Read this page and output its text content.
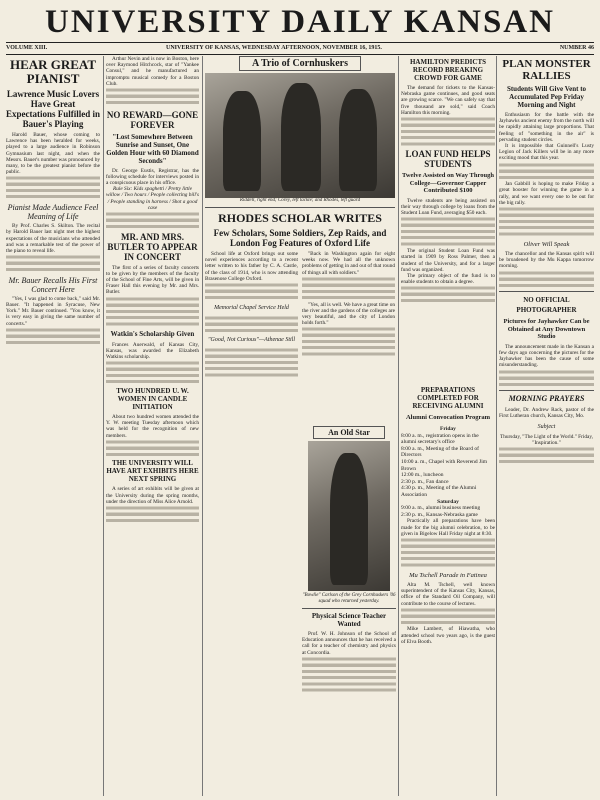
UNIVERSITY DAILY KANSAN
VOLUME XIII.	UNIVERSITY OF KANSAS, WEDNESDAY AFTERNOON, NOVEMBER 16, 1915.	NUMBER 46
HEAR GREAT PIANIST
Lawrence Music Lovers Have Great Expectations Fulfilled in Bauer's Playing
Harold Bauer, whose coming to Lawrence has been heralded for weeks, played to a large audience in Robinson Gymnasium last night, and when the Messrs. Bauer's number was pronounced by many, to be the greatest pianist before the public.
Pianist Made Audience Feel Meaning of Life
By Prof. Charles S. Skilton. The recital by Harold Bauer last night met the highest expectations of the musicians who attended and was a remarkable test of the power of the piano to reveal life.
Mr. Bauer Recalls His First Concert Here
"Yes, I was glad to come back," said Mr. Bauer. "It happened in Syracuse, New York." Mr. Bauer continued. "You know, it is very easy in giving the same number of concerts."
Arthur Nevin and is now in Boston, here over Raymond Hitchcock, star of "Yankee Consul," and he manufactured an impromptu musical comedy for a Boston Club.
NO REWARD—GONE FOREVER
"Lost Somewhere Between Sunrise and Sunset, One Golden Hour with 60 Diamond Seconds"
Dr. George Eustis, Registrar, has the following schedule for interviews posted in a conspicuous place in his office.
Rule Six: Kids spaghetti / Pretty little willow / Two hours / People collecting bill's / People standing in harness / Shot a good case
MR. AND MRS. BUTLER TO APPEAR IN CONCERT
The first of a series of faculty concerts to be given by the members of the faculty of the School of Fine Arts, will be given in Fraser Hall this evening by Mr. and Mrs. Butler.
Watkin's Scholarship Given
Frances Auerwald, of Kansas City, Kansas, was awarded the Elizabeth Watkins scholarship.
TWO HUNDRED U. W. WOMEN IN CANDLE INITIATION
About two hundred women attended the Y. W. meeting Tuesday afternoon which was held for the recognition of new members.
THE UNIVERSITY WILL HAVE ART EXHIBITS HERE NEXT SPRING
A series of art exhibits will be given at the University during the spring months, under the direction of Miss Alice Arnold.
A Trio of Cornhuskers
Riddell, right end; Corey, left tackle; and Rhodes, left guard
RHODES SCHOLAR WRITES
Few Scholars, Some Soldiers, Zep Raids, and London Fog Features of Oxford Life
School life at Oxford brings out some novel experiences according to a recent letter written to his father by C. A. Castle, of the class of 1914, who is now attending Brasenose College Oxford.
Memorial Chapel Service Held
"Good, Not Curious"—Athenae Still
"Back in Washington again for eight weeks now. We had all the unknown problems of getting in and out of that round of things all with soldiers."
"Yes, all is well. We have a great time on the river and the gardens of the colleges are very beautiful, and the city of London holds forth."
HAMILTON PREDICTS RECORD BREAKING CROWD FOR GAME
The demand for tickets to the Kansas-Nebraska game continues, and good seats are growing scarce. "We can safely say that five thousand are sold," said Coach Hamilton this morning.
LOAN FUND HELPS STUDENTS
Twelve Assisted on Way Through College—Governor Capper Contributed $100
Twelve students are being assisted on their way through college by loans from the Student Loan Fund, averaging $50 each.
The original Student Loan Fund was started in 1909 by Ross Palmer, then a student of the University, and for a larger fund was organized.
The primary object of the fund is to enable students to obtain a degree.
PLAN MONSTER RALLIES
Students Will Give Vent to Accumulated Pep Friday Morning and Night
Enthusiasm for the battle with the Jayhawks ancient enemy from the north will be rapidly attaining large proportions. That feeling of "something in the air" is pervading student circles.
It is impossible that Guinnell's Lusty Legion of Jack Killers will be in any more exciting mood that this year.
Jan Gabbill is hoping to make Friday a great booster for winning the game in a rally, and we want every one to be out for the big rally.
Oliver Will Speak
The chancellor and the Kansas spirit will be broadened by the Mu Kappa tomorrow morning.
NO OFFICIAL PHOTOGRAPHER
Pictures for Jayhawker Can be Obtained at Any Downtown Studio
The announcement made in the Kansan a few days ago concerning the pictures for the Jayhawker has been the cause of some misunderstanding.
MORNING PRAYERS
Leader, Dr. Andrew Rack, pastor of the First Lutheran church, Kansas City, Mo.
Subject
Thursday, "The Light of the World." Friday, "Inspiration."
An Old Star
"Bowlie" Carlson of the Grey Cornhuskers '06 squad who returned yesterday.
Physical Science Teacher Wanted
Prof. W. H. Johnson of the School of Education announces that he has received a call for a teacher of chemistry and physics at Concordia.
PREPARATIONS COMPLETED FOR RECEIVING ALUMNI
Alumni Convocation Program
Friday
8:00 a. m., registration opens in the alumni secretary's office
8:00 a. m., Meeting of the Board of Directors
10:00 a. m., Chapel with Reverend Jim Brown
12:00 m., luncheon
2:30 p. m., Fan dance
4:30 p. m., Meeting of the Alumni Association
Saturday
9:00 a. m., alumni business meeting
2:30 p. m., Kansas-Nebraska game
Practically all preparations have been made for the big alumni celebration, to be given in Bigelow Hall Friday night at 8:30.
Mu Tschell Parade in Fatinea
Alta M. Tschell, well known superintendent of the Kansas City, Kansas, office of the Standard Oil Company, will contribute to the course of lectures.
Mike Lambert, of Hiawatha, who attended school two years ago, is the guest of Elva Booth.
